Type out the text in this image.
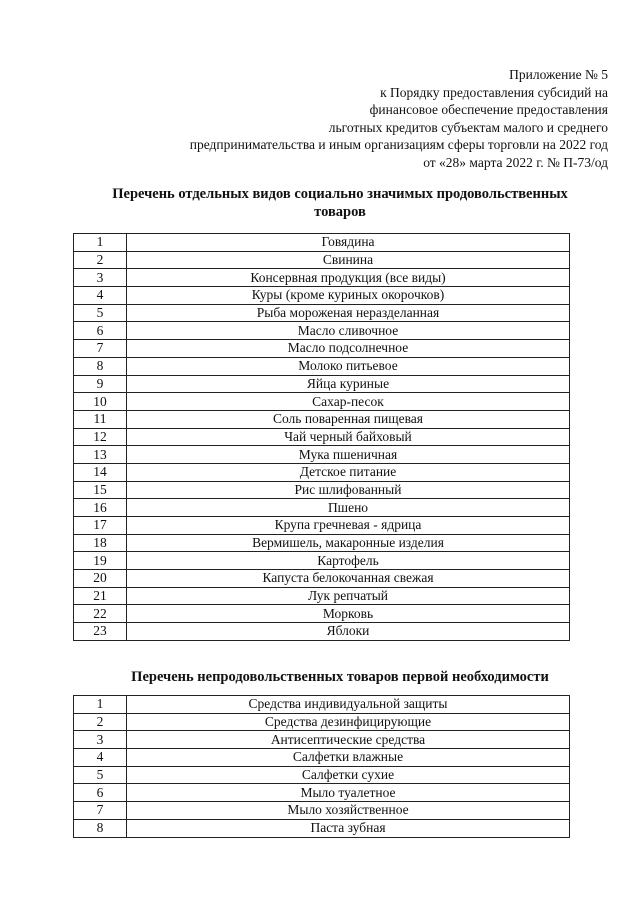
Приложение № 5
к Порядку предоставления субсидий на
финансовое обеспечение предоставления
льготных кредитов субъектам малого и среднего
предпринимательства и иным организациям сферы торговли на 2022 год
от «28» марта 2022 г. № П-73/од
Перечень отдельных видов социально значимых продовольственных
товаров
1	Говядина
2	Свинина
3	Консервная продукция (все виды)
4	Куры (кроме куриных окорочков)
5	Рыба мороженая неразделанная
6	Масло сливочное
7	Масло подсолнечное
8	Молоко питьевое
9	Яйца куриные
10	Сахар-песок
11	Соль поваренная пищевая
12	Чай черный байховый
13	Мука пшеничная
14	Детское питание
15	Рис шлифованный
16	Пшено
17	Крупа гречневая - ядрица
18	Вермишель, макаронные изделия
19	Картофель
20	Капуста белокочанная свежая
21	Лук репчатый
22	Морковь
23	Яблоки
Перечень непродовольственных товаров первой необходимости
1	Средства индивидуальной защиты
2	Средства дезинфицирующие
3	Антисептические средства
4	Салфетки влажные
5	Салфетки сухие
6	Мыло туалетное
7	Мыло хозяйственное
8	Паста зубная
